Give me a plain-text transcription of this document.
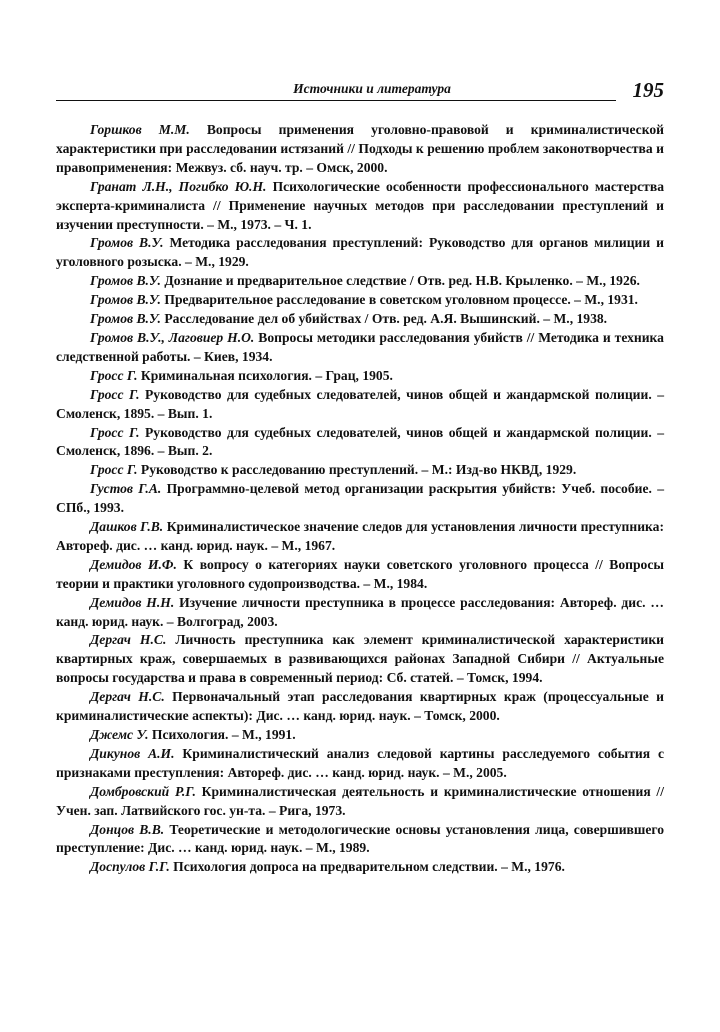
Источники и литература	195

Горшков М.М. Вопросы применения уголовно-правовой и криминалистической характеристики при расследовании истязаний // Подходы к решению проблем законотворчества и правоприменения: Межвуз. сб. науч. тр. – Омск, 2000.

Гранат Л.Н., Погибко Ю.Н. Психологические особенности профессионального мастерства эксперта-криминалиста // Применение научных методов при расследовании преступлений и изучении преступности. – М., 1973. – Ч. 1.

Громов В.У. Методика расследования преступлений: Руководство для органов милиции и уголовного розыска. – М., 1929.

Громов В.У. Дознание и предварительное следствие / Отв. ред. Н.В. Крыленко. – М., 1926.

Громов В.У. Предварительное расследование в советском уголовном процессе. – М., 1931.

Громов В.У. Расследование дел об убийствах / Отв. ред. А.Я. Вышинский. – М., 1938.

Громов В.У., Лаговиер Н.О. Вопросы методики расследования убийств // Методика и техника следственной работы. – Киев, 1934.

Гросс Г. Криминальная психология. – Грац, 1905.

Гросс Г. Руководство для судебных следователей, чинов общей и жандармской полиции. – Смоленск, 1895. – Вып. 1.

Гросс Г. Руководство для судебных следователей, чинов общей и жандармской полиции. – Смоленск, 1896. – Вып. 2.

Гросс Г. Руководство к расследованию преступлений. – М.: Изд-во НКВД, 1929.

Густов Г.А. Программно-целевой метод организации раскрытия убийств: Учеб. пособие. – СПб., 1993.

Дашков Г.В. Криминалистическое значение следов для установления личности преступника: Автореф. дис. … канд. юрид. наук. – М., 1967.

Демидов И.Ф. К вопросу о категориях науки советского уголовного процесса // Вопросы теории и практики уголовного судопроизводства. – М., 1984.

Демидов Н.Н. Изучение личности преступника в процессе расследования: Автореф. дис. … канд. юрид. наук. – Волгоград, 2003.

Дергач Н.С. Личность преступника как элемент криминалистической характеристики квартирных краж, совершаемых в развивающихся районах Западной Сибири // Актуальные вопросы государства и права в современный период: Сб. статей. – Томск, 1994.

Дергач Н.С. Первоначальный этап расследования квартирных краж (процессуальные и криминалистические аспекты): Дис. … канд. юрид. наук. – Томск, 2000.

Джемс У. Психология. – М., 1991.

Дикунов А.И. Криминалистический анализ следовой картины расследуемого события с признаками преступления: Автореф. дис. … канд. юрид. наук. – М., 2005.

Домбровский Р.Г. Криминалистическая деятельность и криминалистические отношения // Учен. зап. Латвийского гос. ун-та. – Рига, 1973.

Донцов В.В. Теоретические и методологические основы установления лица, совершившего преступление: Дис. … канд. юрид. наук. – М., 1989.

Доспулов Г.Г. Психология допроса на предварительном следствии. – М., 1976.
